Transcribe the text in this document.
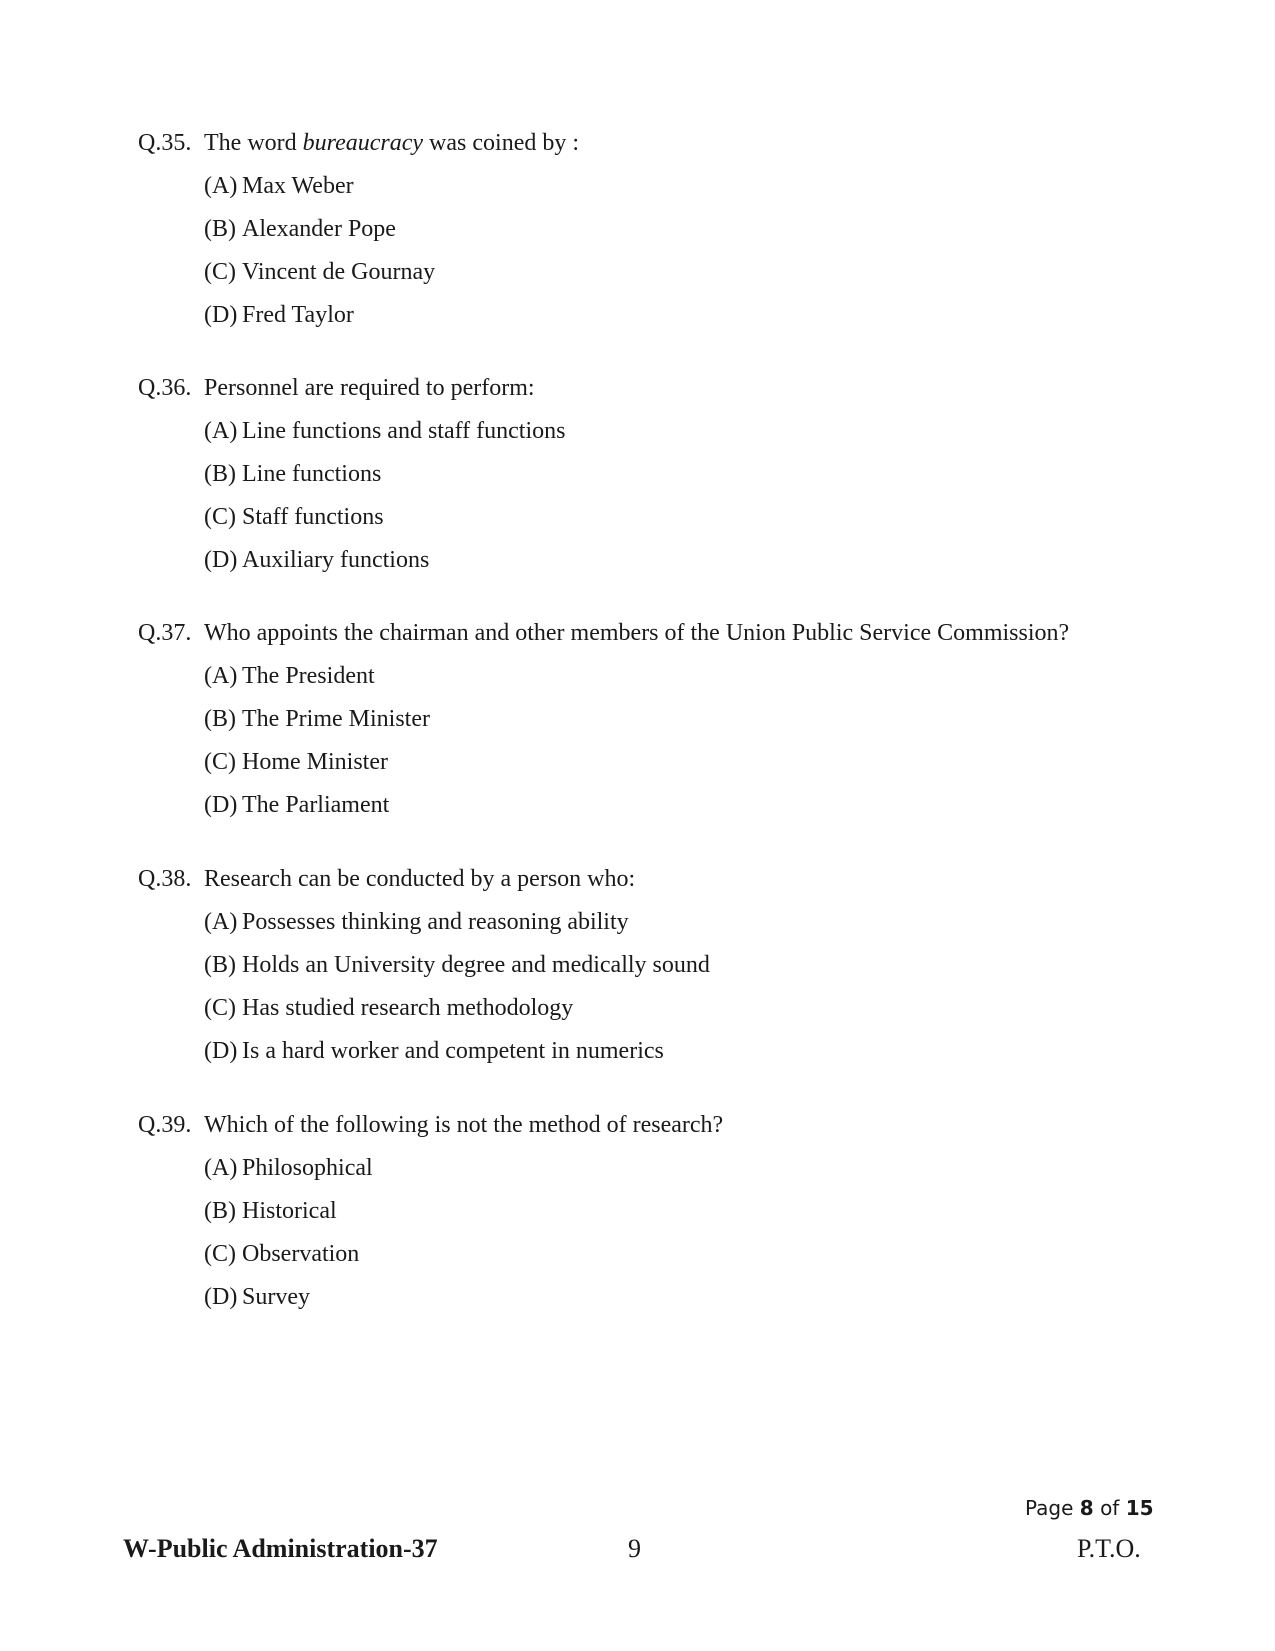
Q.35. The word bureaucracy was coined by :
(A) Max Weber
(B) Alexander Pope
(C) Vincent de Gournay
(D) Fred Taylor
Q.36. Personnel are required to perform:
(A) Line functions and staff functions
(B) Line functions
(C) Staff functions
(D) Auxiliary functions
Q.37. Who appoints the chairman and other members of the Union Public Service Commission?
(A) The President
(B) The Prime Minister
(C) Home Minister
(D) The Parliament
Q.38. Research can be conducted by a person who:
(A) Possesses thinking and reasoning ability
(B) Holds an University degree and medically sound
(C) Has studied research methodology
(D) Is a hard worker and competent in numerics
Q.39. Which of the following is not the method of research?
(A) Philosophical
(B) Historical
(C) Observation
(D) Survey
Page 8 of 15
W-Public Administration-37	9	P.T.O.
